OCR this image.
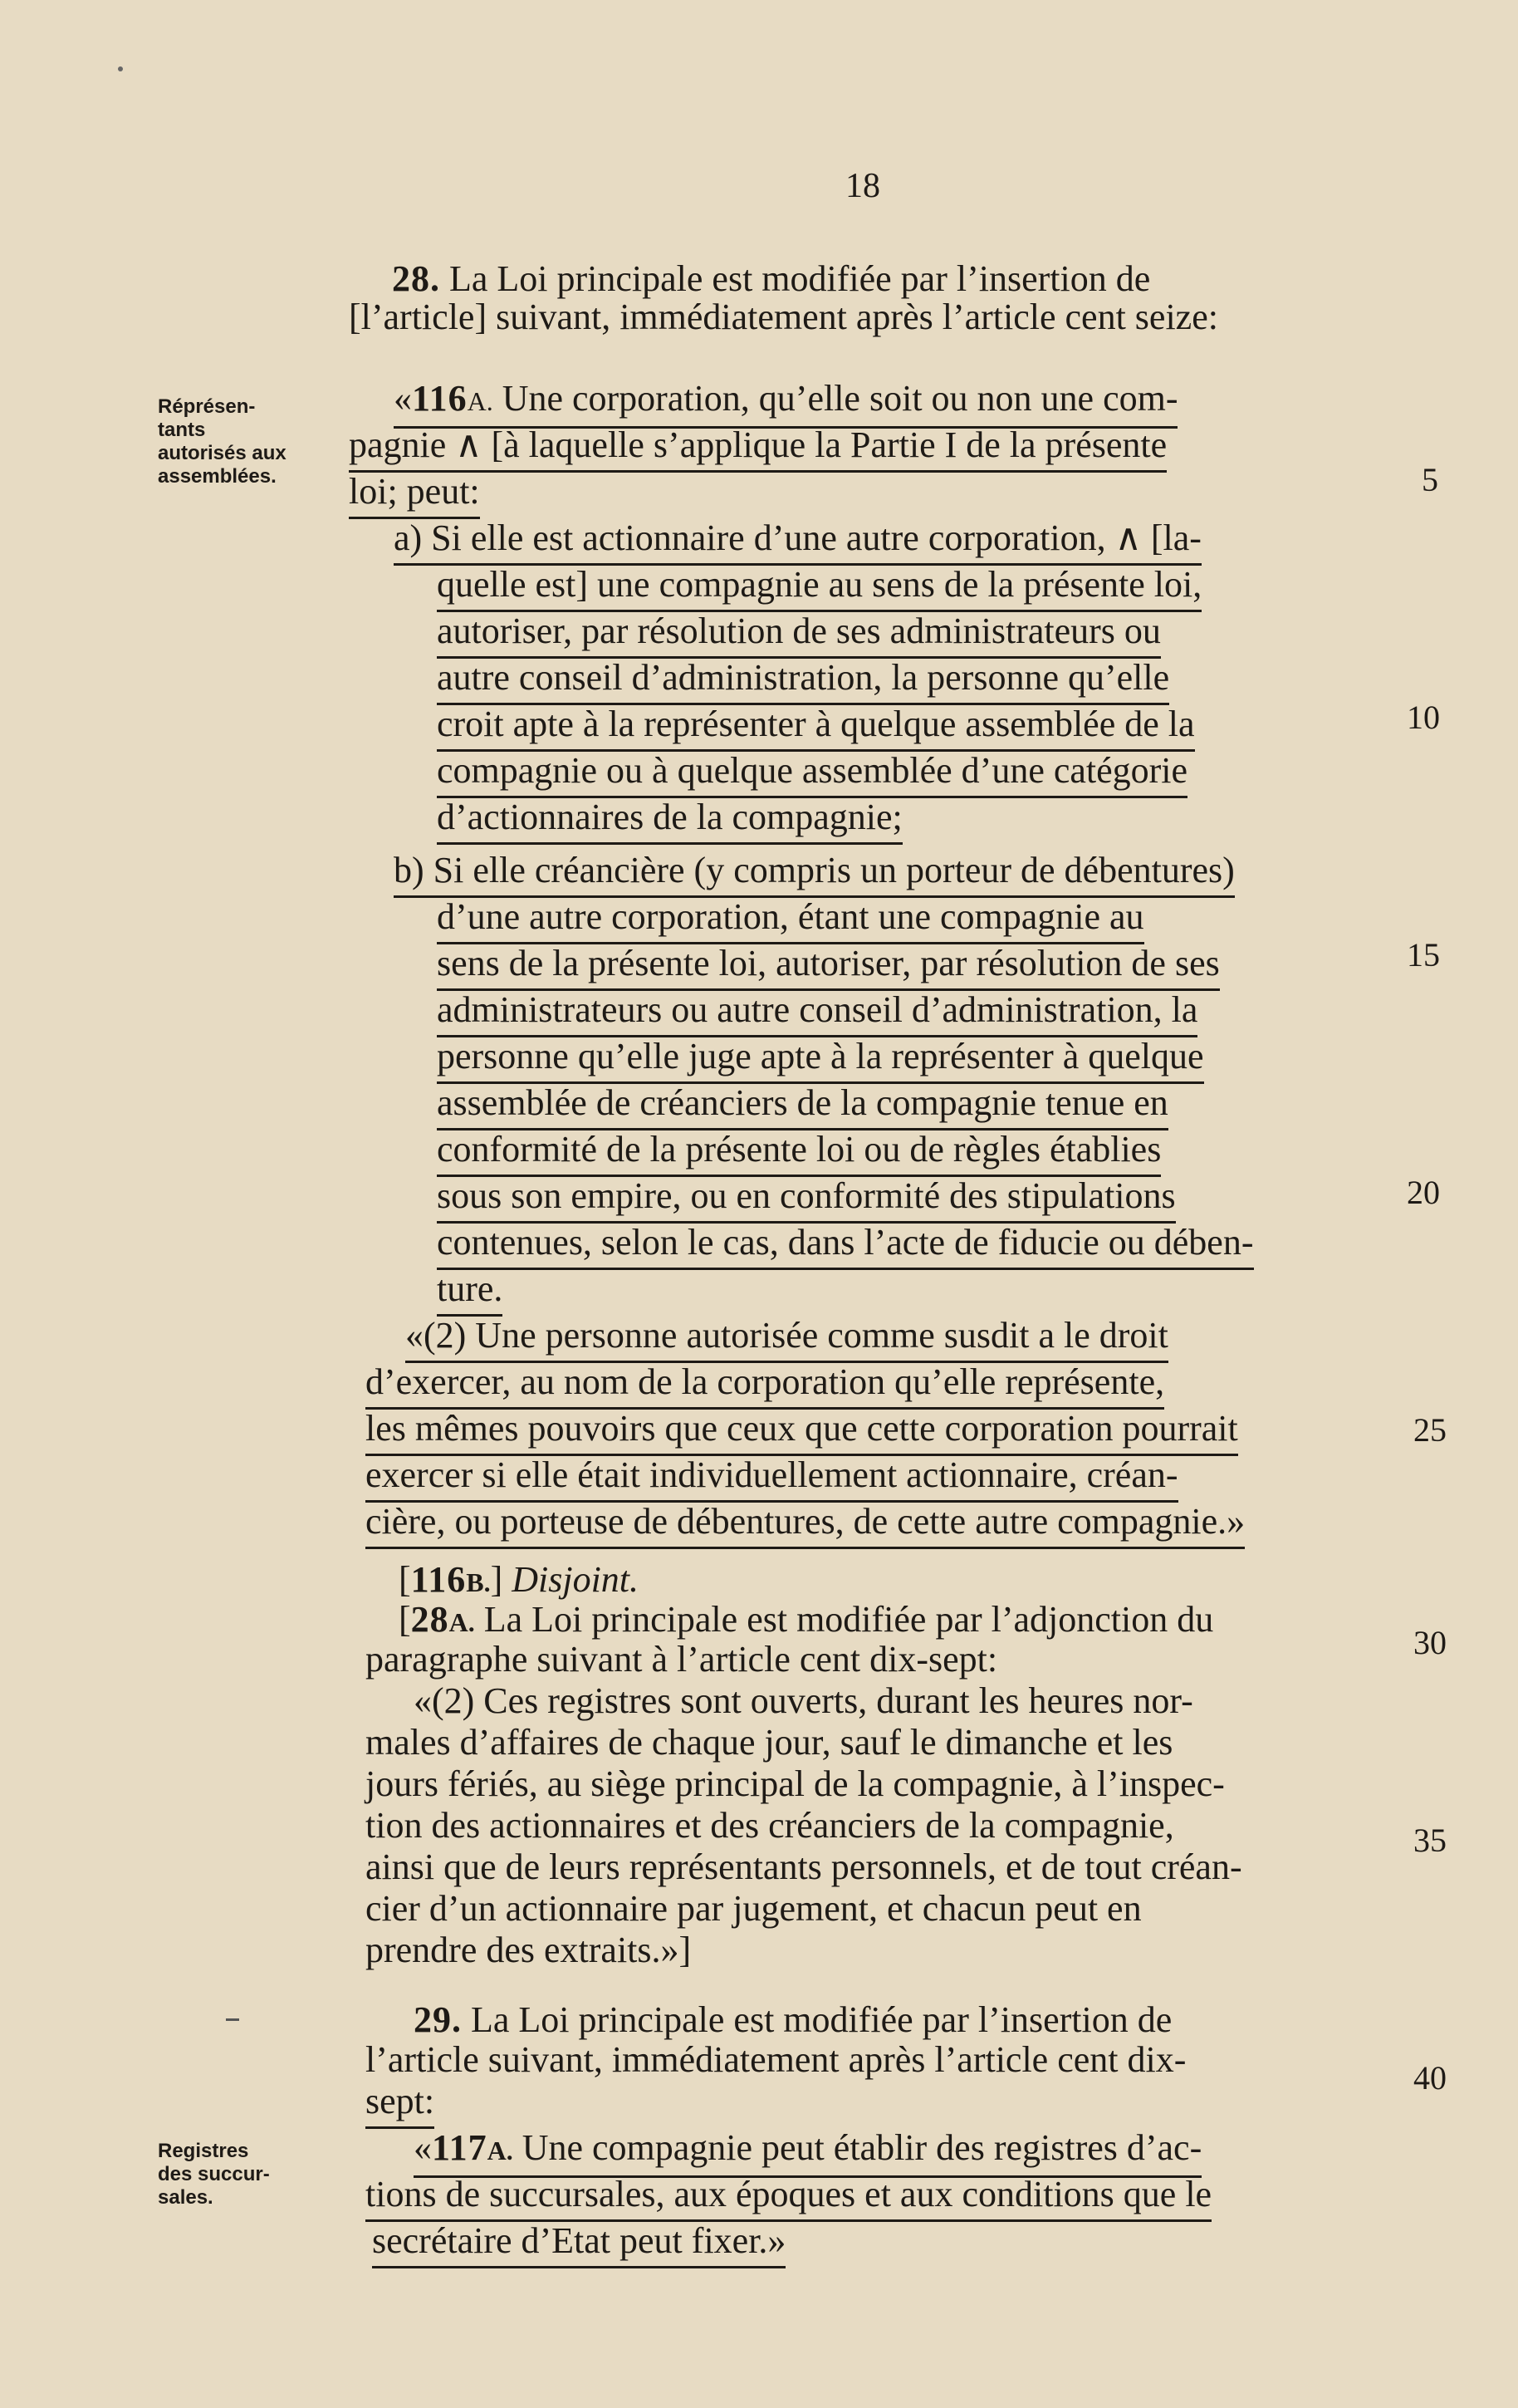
18
Réprésen-
tants
autorisés aux
assemblées.
Registres
des succur-
sales.
5
10
15
20
25
30
35
40
28. La Loi principale est modifiée par l’insertion de
[l’article] suivant, immédiatement après l’article cent seize:
«116A. Une corporation, qu’elle soit ou non une com-
pagnie ∧ [à laquelle s’applique la Partie I de la présente
loi; peut:
a) Si elle est actionnaire d’une autre corporation, ∧ [la-
quelle est] une compagnie au sens de la présente loi,
autoriser, par résolution de ses administrateurs ou
autre conseil d’administration, la personne qu’elle
croit apte à la représenter à quelque assemblée de la
compagnie ou à quelque assemblée d’une catégorie
d’actionnaires de la compagnie;
b) Si elle créancière (y compris un porteur de débentures)
d’une autre corporation, étant une compagnie au
sens de la présente loi, autoriser, par résolution de ses
administrateurs ou autre conseil d’administration, la
personne qu’elle juge apte à la représenter à quelque
assemblée de créanciers de la compagnie tenue en
conformité de la présente loi ou de règles établies
sous son empire, ou en conformité des stipulations
contenues, selon le cas, dans l’acte de fiducie ou dében-
ture.
«(2) Une personne autorisée comme susdit a le droit
d’exercer, au nom de la corporation qu’elle représente,
les mêmes pouvoirs que ceux que cette corporation pourrait
exercer si elle était individuellement actionnaire, créan-
cière, ou porteuse de débentures, de cette autre compagnie.»
[116B.] Disjoint.
[28A. La Loi principale est modifiée par l’adjonction du
paragraphe suivant à l’article cent dix-sept:
«(2) Ces registres sont ouverts, durant les heures nor-
males d’affaires de chaque jour, sauf le dimanche et les
jours fériés, au siège principal de la compagnie, à l’inspec-
tion des actionnaires et des créanciers de la compagnie,
ainsi que de leurs représentants personnels, et de tout créan-
cier d’un actionnaire par jugement, et chacun peut en
prendre des extraits.»]
29. La Loi principale est modifiée par l’insertion de
l’article suivant, immédiatement après l’article cent dix-
sept:
«117A. Une compagnie peut établir des registres d’ac-
tions de succursales, aux époques et aux conditions que le
secrétaire d’Etat peut fixer.»
